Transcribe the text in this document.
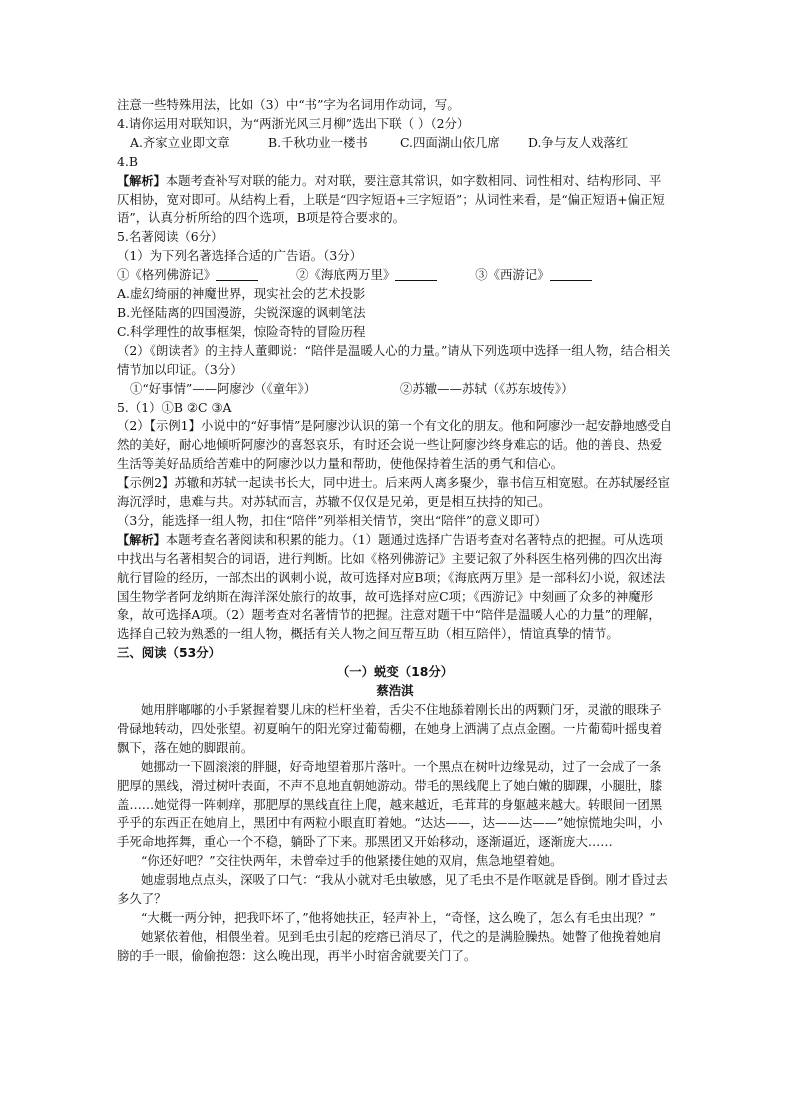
注意一些特殊用法，比如（3）中“书”字为名词用作动词，写。
4.请你运用对联知识，为“两浙光风三月柳”选出下联（ ）（2分）
A.齐家立业即文章	B.千秋功业一楼书	C.四面湖山依几席 D.争与友人戏落红
4.B
【解析】本题考查补写对联的能力。对对联，要注意其常识，如字数相同、词性相对、结构形同、平仄相协，宽对即可。从结构上看，上联是“四字短语+三字短语”；从词性来看，是“偏正短语+偏正短语”，认真分析所给的四个选项，B项是符合要求的。
5.名著阅读（6分）
（1）为下列名著选择合适的广告语。（3分）
①《格列佛游记》	②《海底两万里》	③《西游记》
A.虚幻绮丽的神魔世界，现实社会的艺术投影
B.光怪陆离的四国漫游，尖锐深邃的讽刺笔法
C.科学理性的故事框架，惊险奇特的冒险历程
（2）《朗读者》的主持人董卿说：“陪伴是温暖人心的力量。”请从下列选项中选择一组人物，结合相关情节加以印证。（3分）
①“好事情”——阿廖沙（《童年》）	②苏辙——苏轼（《苏东坡传》）
5.（1）①B ②C ③A
（2）【示例1】小说中的“好事情”是阿廖沙认识的第一个有文化的朋友。他和阿廖沙一起安静地感受自然的美好，耐心地倾听阿廖沙的喜怒哀乐，有时还会说一些让阿廖沙终身难忘的话。他的善良、热爱生活等美好品质给苦难中的阿廖沙以力量和帮助，使他保持着生活的勇气和信心。
【示例2】苏辙和苏轼一起读书长大，同中进士。后来两人离多聚少，靠书信互相宽慰。在苏轼屡经宦海沉浮时，患难与共。对苏轼而言，苏辙不仅仅是兄弟，更是相互扶持的知己。
（3分，能选择一组人物，扣住“陪伴”列举相关情节，突出“陪伴”的意义即可）
【解析】本题考查名著阅读和积累的能力。（1）题通过选择广告语考查对名著特点的把握。可从选项中找出与名著相契合的词语，进行判断。比如《格列佛游记》主要记叙了外科医生格列佛的四次出海航行冒险的经历，一部杰出的讽刺小说，故可选择对应B项；《海底两万里》是一部科幻小说，叙述法国生物学者阿龙纳斯在海洋深处旅行的故事，故可选择对应C项；《西游记》中刻画了众多的神魔形象，故可选择A项。（2）题考查对名著情节的把握。注意对题干中“陪伴是温暖人心的力量”的理解，选择自己较为熟悉的一组人物，概括有关人物之间互帮互助（相互陪伴），情谊真挚的情节。
三、阅读（53分）
（一）蜕变（18分）
蔡浩淇
她用胖嘟嘟的小手紧握着婴儿床的栏杆坐着，舌尖不住地舔着刚长出的两颗门牙，灵澈的眼珠子骨碌地转动，四处张望。初夏晌午的阳光穿过葡萄棚，在她身上洒满了点点金圈。一片葡萄叶摇曳着飘下，落在她的脚跟前。
她挪动一下圆滚滚的胖腿，好奇地望着那片落叶。一个黑点在树叶边缘晃动，过了一会成了一条肥厚的黑线，滑过树叶表面，不声不息地直朝她游动。带毛的黑线爬上了她白嫩的脚踝，小腿肚，膝盖……她觉得一阵刺痒，那肥厚的黑线直往上爬，越来越近，毛茸茸的身躯越来越大。转眼间一团黑乎乎的东西正在她肩上，黑团中有两粒小眼直盯着她。“达达——，达——达——”她惊慌地尖叫，小手死命地挥舞，重心一个不稳，躺卧了下来。那黑团又开始移动，逐渐逼近，逐渐庞大……
“你还好吧？”交往快两年，未曾牵过手的他紧搂住她的双肩，焦急地望着她。
她虚弱地点点头，深吸了口气：“我从小就对毛虫敏感，见了毛虫不是作呕就是昏倒。刚才昏过去多久了？
“大概一两分钟，把我吓坏了，”他将她扶正，轻声补上，“奇怪，这么晚了，怎么有毛虫出现？”
她紧依着他，相偎坐着。见到毛虫引起的疙瘩已消尽了，代之的是满脸臊热。她瞥了他挽着她肩膀的手一眼，偷偷抱怨：这么晚出现，再半小时宿舍就要关门了。
